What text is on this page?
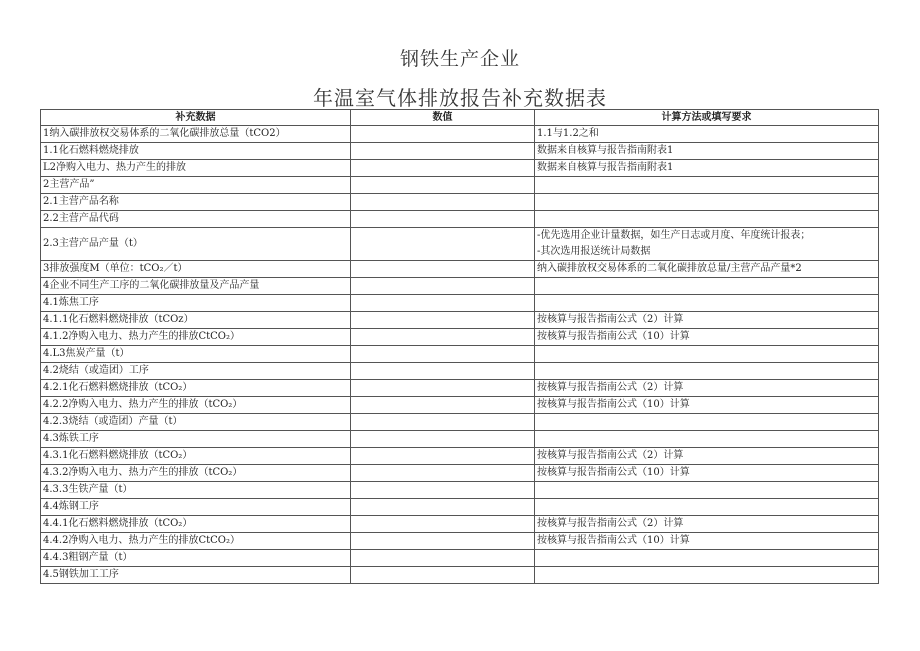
钢铁生产企业
年温室气体排放报告补充数据表
补充数据	数值	计算方法或填写要求
1纳入碳排放权交易体系的二氧化碳排放总量（tCO2）		1.1与1.2之和
1.1化石燃料燃烧排放		数据来自核算与报告指南附表1
L2净购入电力、热力产生的排放		数据来自核算与报告指南附表1
2主营产品”		
2.1主营产品名称		
2.2主营产品代码		
2.3主营产品产量（t）		-优先选用企业计量数据，如生产日志或月度、年度统计报表；
-其次选用报送统计局数据

3排放强度M（单位：tCO₂／t）		纳入碳排放权交易体系的二氧化碳排放总量/主营产品产量*2
4企业不同生产工序的二氧化碳排放量及产品产量		
4.1炼焦工序		
4.1.1化石燃料燃烧排放（tCOz）		按核算与报告指南公式（2）计算
4.1.2净购入电力、热力产生的排放CtCO₂）		按核算与报告指南公式（10）计算
4.L3焦炭产量（t）		
4.2烧结（或造团）工序		
4.2.1化石燃料燃烧排放（tCO₂）		按核算与报告指南公式（2）计算
4.2.2净购入电力、热力产生的排放（tCO₂）		按核算与报告指南公式（10）计算
4.2.3烧结（或造团）产量（t）		
4.3炼铁工序		
4.3.1化石燃料燃烧排放（tCO₂）		按核算与报告指南公式（2）计算
4.3.2净购入电力、热力产生的排放（tCO₂）		按核算与报告指南公式（10）计算
4.3.3生铁产量（t）		
4.4炼钢工序		
4.4.1化石燃料燃烧排放（tCO₂）		按核算与报告指南公式（2）计算
4.4.2净购入电力、热力产生的排放CtCO₂）		按核算与报告指南公式（10）计算
4.4.3粗钢产量（t）		
4.5钢铁加工工序		
